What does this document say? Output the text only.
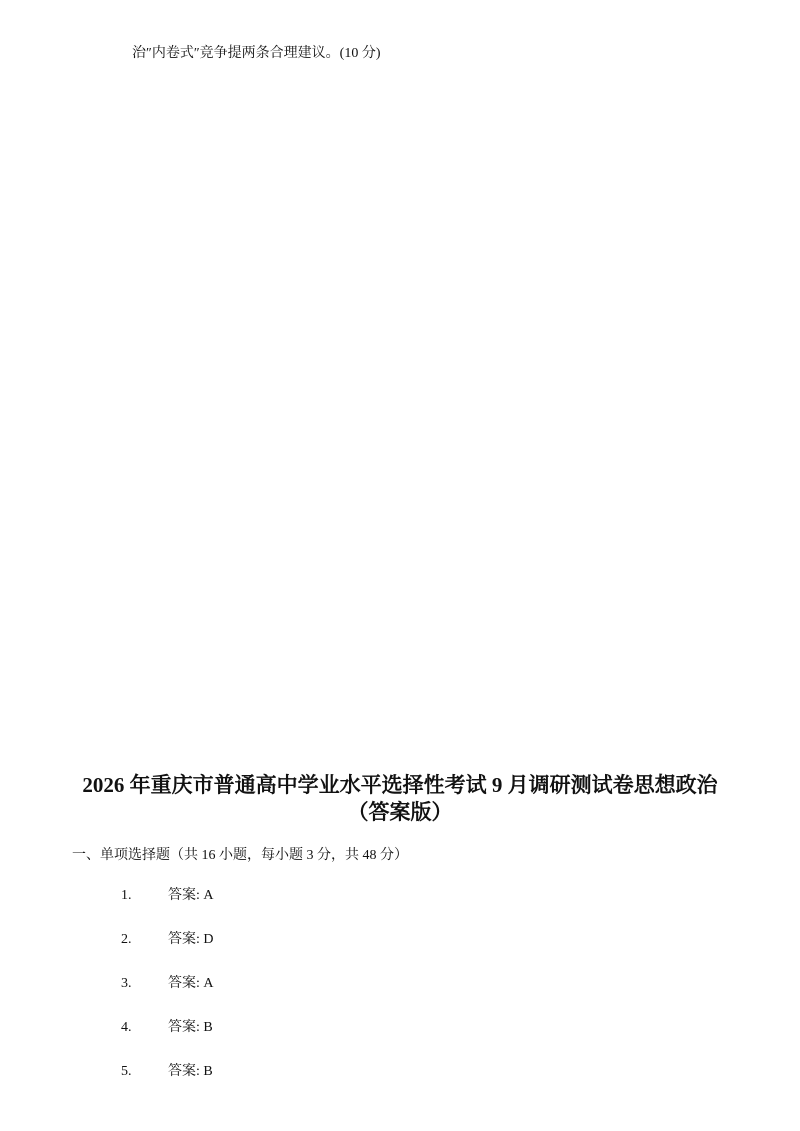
治″内卷式″竞争提两条合理建议。(10 分)
2026 年重庆市普通高中学业水平选择性考试 9 月调研测试卷思想政治（答案版）
一、单项选择题（共 16 小题，每小题 3 分，共 48 分）
1.	答案: A
2.	答案: D
3.	答案: A
4.	答案: B
5.	答案: B
